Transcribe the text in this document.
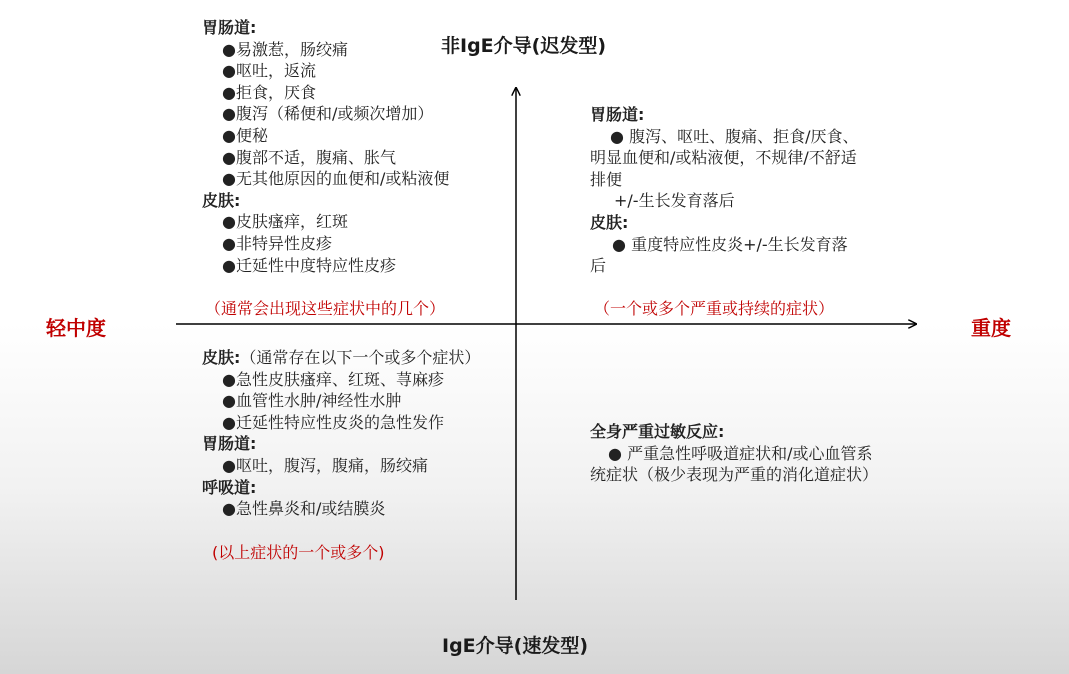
非IgE介导(迟发型)
IgE介导(速发型)
轻中度	重度
胃肠道:
●易激惹，肠绞痛
●呕吐，返流
●拒食，厌食
●腹泻（稀便和/或频次增加）
●便秘
●腹部不适，腹痛、胀气
●无其他原因的血便和/或粘液便
皮肤:
●皮肤瘙痒，红斑
●非特异性皮疹
●迁延性中度特应性皮疹
（通常会出现这些症状中的几个）
胃肠道:
● 腹泻、呕吐、腹痛、拒食/厌食、明显血便和/或粘液便，不规律/不舒适排便
+/-生长发育落后
皮肤:
● 重度特应性皮炎+/-生长发育落后
（一个或多个严重或持续的症状）
皮肤:（通常存在以下一个或多个症状）
●急性皮肤瘙痒、红斑、荨麻疹
●血管性水肿/神经性水肿
●迁延性特应性皮炎的急性发作
胃肠道:
●呕吐，腹泻，腹痛，肠绞痛
呼吸道:
●急性鼻炎和/或结膜炎
(以上症状的一个或多个)
全身严重过敏反应:
● 严重急性呼吸道症状和/或心血管系统症状（极少表现为严重的消化道症状）
